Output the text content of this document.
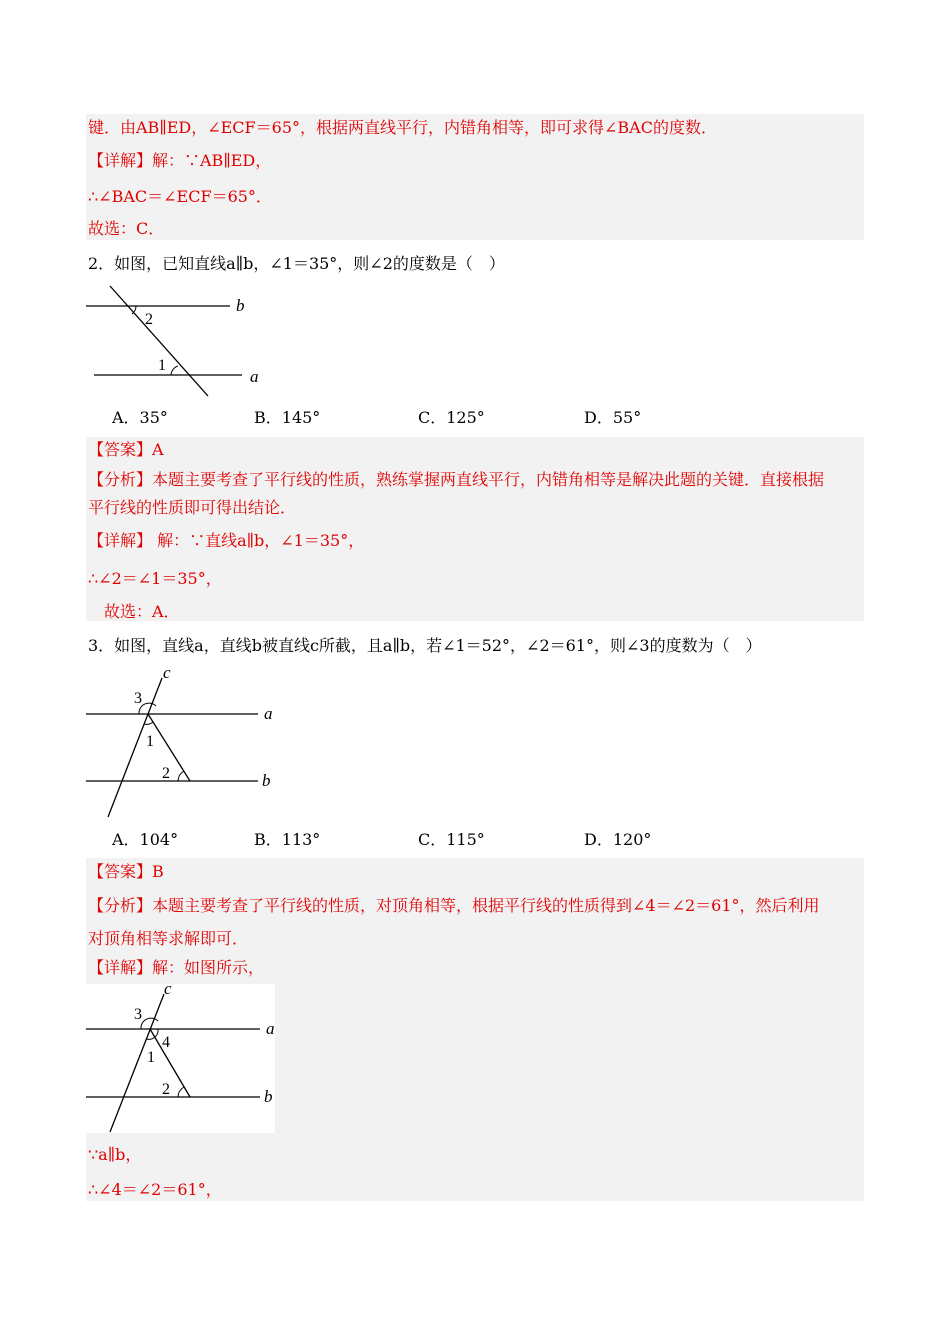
键．由AB∥ED，∠ECF＝65°，根据两直线平行，内错角相等，即可求得∠BAC的度数．
【详解】解：∵AB∥ED，
∴∠BAC＝∠ECF＝65°．
故选：C．
2．如图，已知直线a∥b，∠1＝35°，则∠2的度数是（　）
b
a
2
1
A．35°	B．145°	C．125°	D．55°
【答案】A
【分析】本题主要考查了平行线的性质，熟练掌握两直线平行，内错角相等是解决此题的关键．直接根据
平行线的性质即可得出结论．
【详解】 解：∵直线a∥b，∠1＝35°，
∴∠2＝∠1＝35°，
故选：A．
3．如图，直线a，直线b被直线c所截，且a∥b，若∠1＝52°，∠2＝61°，则∠3的度数为（　）
c
a
b
3
1
2
A．104°	B．113°	C．115°	D．120°
【答案】B
【分析】本题主要考查了平行线的性质，对顶角相等，根据平行线的性质得到∠4＝∠2＝61°，然后利用
对顶角相等求解即可．
【详解】解：如图所示，
c
a
b
3
4
1
2
∵a∥b，
∴∠4＝∠2＝61°，
